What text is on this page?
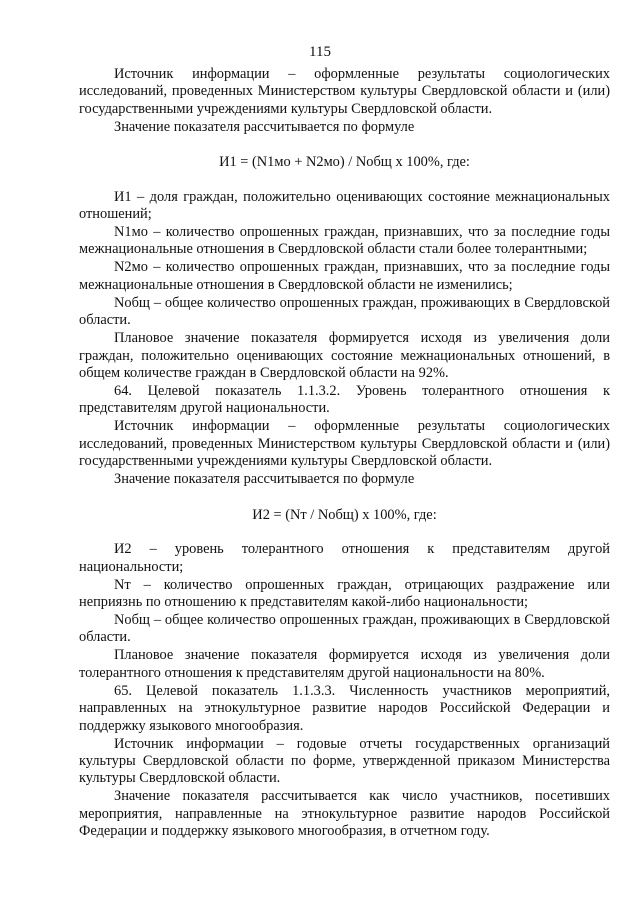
115

Источник информации – оформленные результаты социологических исследований, проведенных Министерством культуры Свердловской области и (или) государственными учреждениями культуры Свердловской области.

Значение показателя рассчитывается по формуле

И1 = (N1мо + N2мо) / Nобщ x 100%, где:

И1 – доля граждан, положительно оценивающих состояние межнациональных отношений;

N1мо – количество опрошенных граждан, признавших, что за последние годы межнациональные отношения в Свердловской области стали более толерантными;

N2мо – количество опрошенных граждан, признавших, что за последние годы межнациональные отношения в Свердловской области не изменились;

Nобщ – общее количество опрошенных граждан, проживающих в Свердловской области.

Плановое значение показателя формируется исходя из увеличения доли граждан, положительно оценивающих состояние межнациональных отношений, в общем количестве граждан в Свердловской области на 92%.

64. Целевой показатель 1.1.3.2. Уровень толерантного отношения к представителям другой национальности.

Источник информации – оформленные результаты социологических исследований, проведенных Министерством культуры Свердловской области и (или) государственными учреждениями культуры Свердловской области.

Значение показателя рассчитывается по формуле

И2 = (Nт / Nобщ) x 100%, где:

И2 – уровень толерантного отношения к представителям другой национальности;

Nт – количество опрошенных граждан, отрицающих раздражение или неприязнь по отношению к представителям какой-либо национальности;

Nобщ – общее количество опрошенных граждан, проживающих в Свердловской области.

Плановое значение показателя формируется исходя из увеличения доли толерантного отношения к представителям другой национальности на 80%.

65. Целевой показатель 1.1.3.3. Численность участников мероприятий, направленных на этнокультурное развитие народов Российской Федерации и поддержку языкового многообразия.

Источник информации – годовые отчеты государственных организаций культуры Свердловской области по форме, утвержденной приказом Министерства культуры Свердловской области.

Значение показателя рассчитывается как число участников, посетивших мероприятия, направленные на этнокультурное развитие народов Российской Федерации и поддержку языкового многообразия, в отчетном году.
